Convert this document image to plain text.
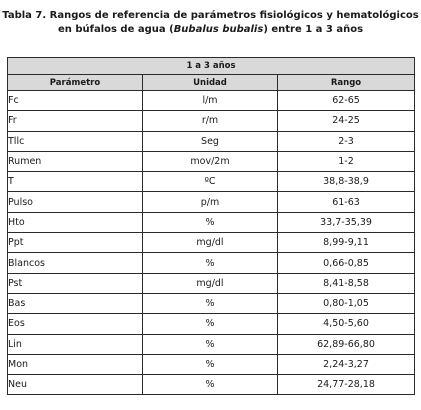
Tabla 7. Rangos de referencia de parámetros fisiológicos y hematológicos
en búfalos de agua (Bubalus bubalis) entre 1 a 3 años
1 a 3 años		
Parámetro	Unidad	Rango
Fc	l/m	62-65
Fr	r/m	24-25
Tllc	Seg	2-3
Rumen	mov/2m	1-2
T	ºC	38,8-38,9
Pulso	p/m	61-63
Hto	%	33,7-35,39
Ppt	mg/dl	8,99-9,11
Blancos	%	0,66-0,85
Pst	mg/dl	8,41-8,58
Bas	%	0,80-1,05
Eos	%	4,50-5,60
Lin	%	62,89-66,80
Mon	%	2,24-3,27
Neu	%	24,77-28,18
